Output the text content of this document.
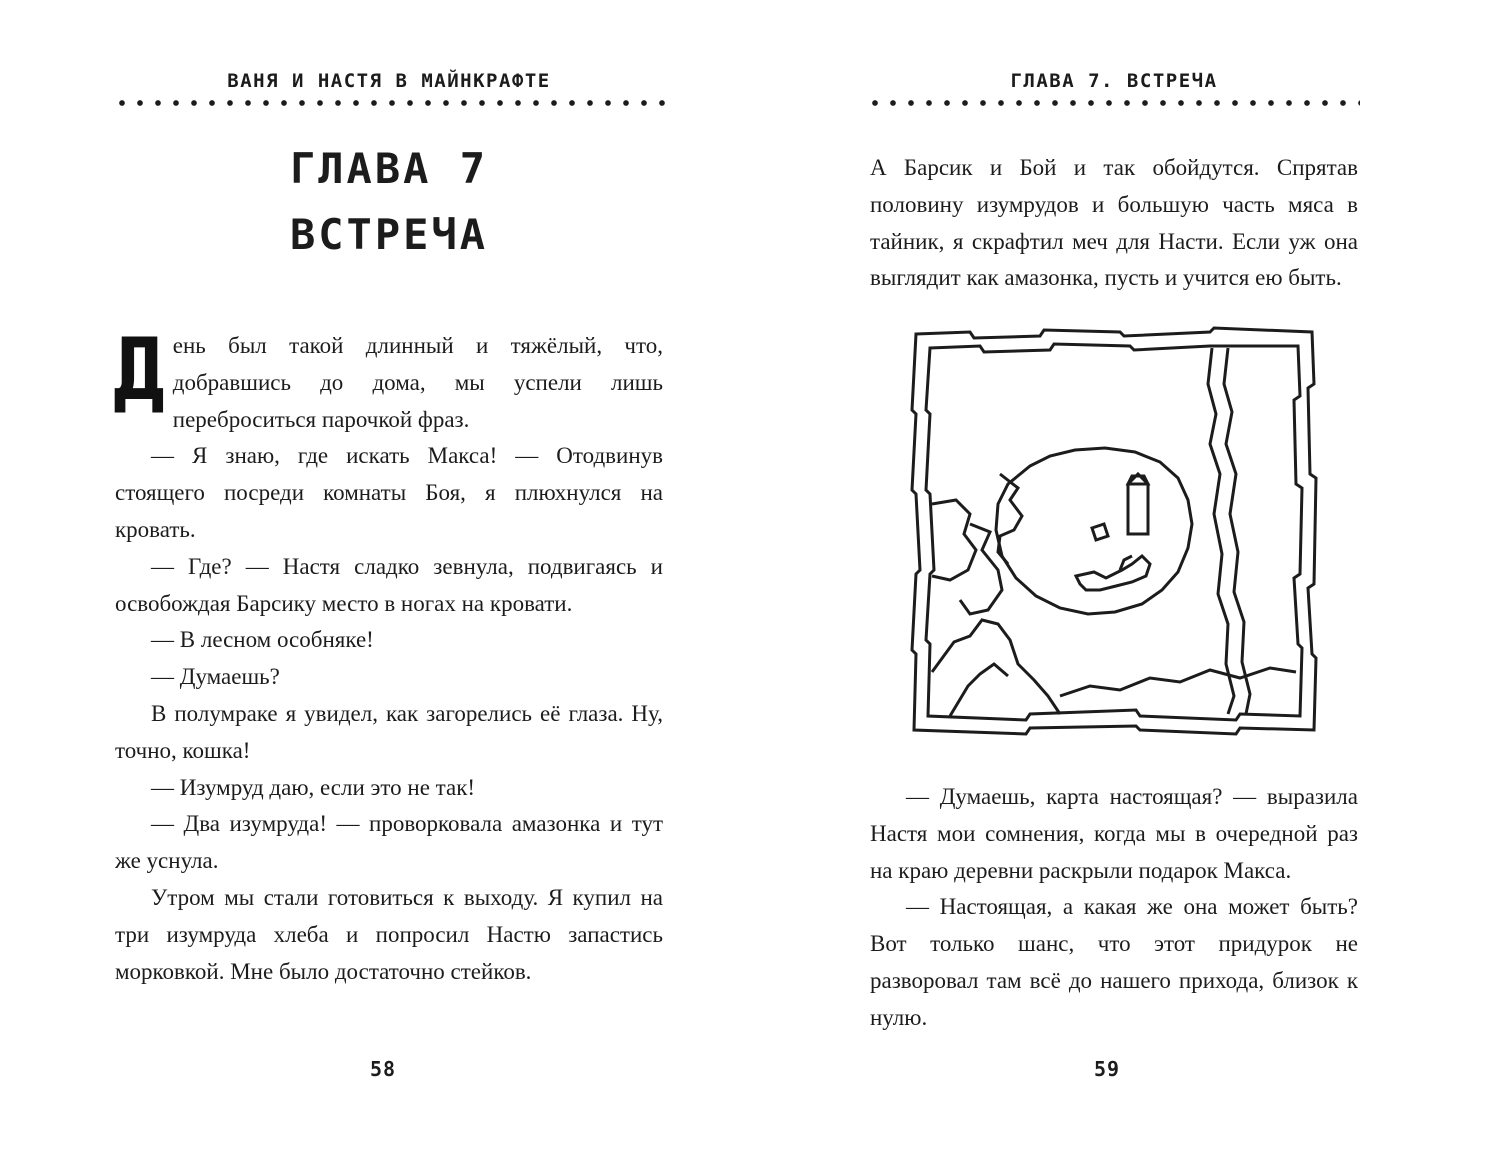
ВАНЯ И НАСТЯ В МАЙНКРАФТЕ
ГЛАВА 7
ВСТРЕЧА

День был такой длинный и тяжёлый, что, добравшись до дома, мы успели лишь переброситься парочкой фраз.

— Я знаю, где искать Макса! — Отодвинув стоящего посреди комнаты Боя, я плюхнулся на кровать.

— Где? — Настя сладко зевнула, подвигаясь и освобождая Барсику место в ногах на кровати.

— В лесном особняке!

— Думаешь?

В полумраке я увидел, как загорелись её глаза. Ну, точно, кошка!

— Изумруд даю, если это не так!

— Два изумруда! — проворковала амазонка и тут же уснула.

Утром мы стали готовиться к выходу. Я купил на три изумруда хлеба и попросил Настю запастись морковкой. Мне было достаточно стейков.

58
ГЛАВА 7. ВСТРЕЧА

А Барсик и Бой и так обойдутся. Спрятав половину изумрудов и большую часть мяса в тайник, я скрафтил меч для Насти. Если уж она выглядит как амазонка, пусть и учится ею быть.

— Думаешь, карта настоящая? — выразила Настя мои сомнения, когда мы в очередной раз на краю деревни раскрыли подарок Макса.

— Настоящая, а какая же она может быть? Вот только шанс, что этот придурок не разворовал там всё до нашего прихода, близок к нулю.

59
